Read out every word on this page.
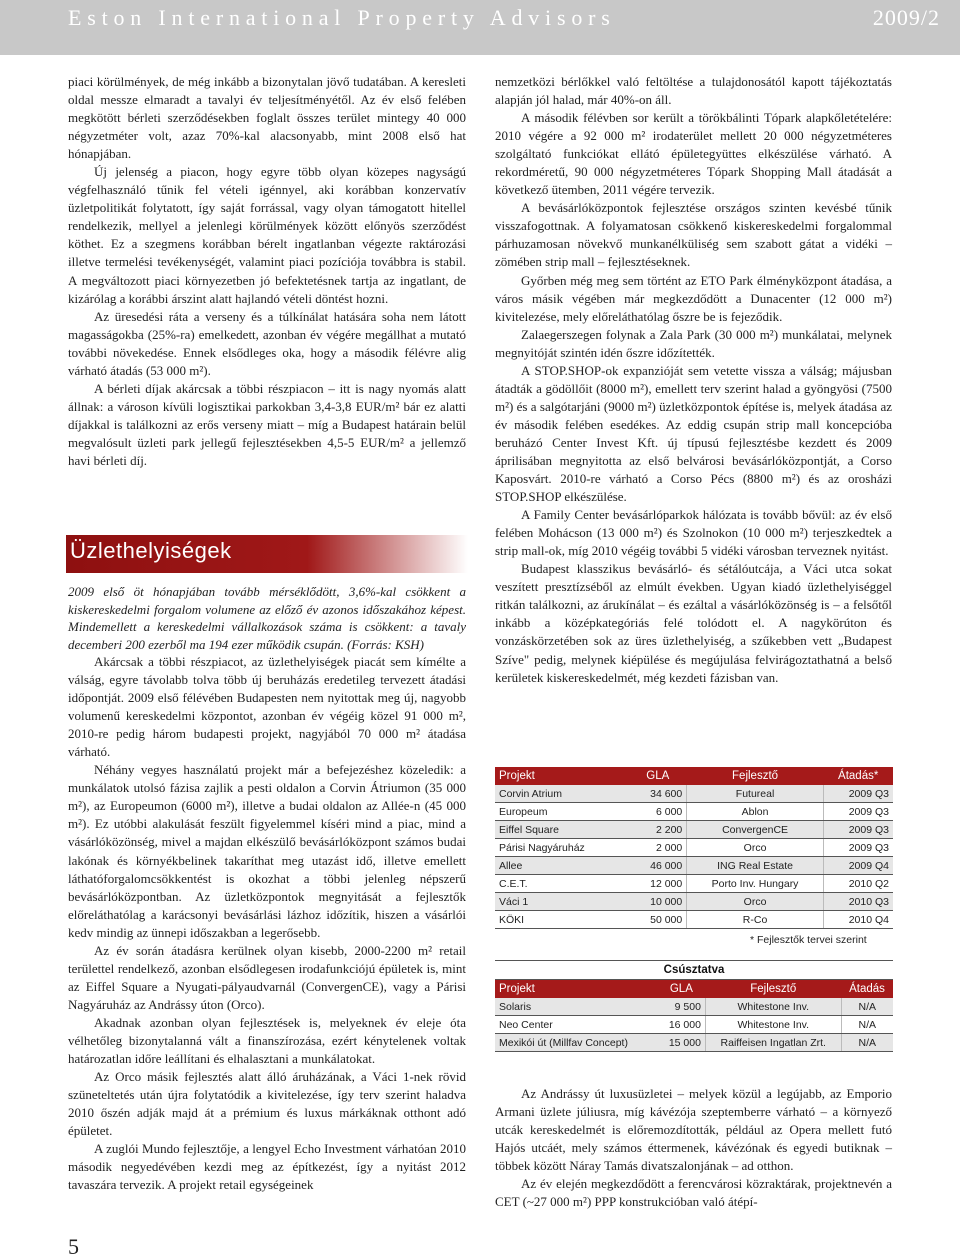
Eston International Property Advisors	2009/2

piaci körülmények, de még inkább a bizonytalan jövő tudatában. A keresleti oldal messze elmaradt a tavalyi év teljesítményétől. Az év első felében megkötött bérleti szerződésekben foglalt összes terület mintegy 40 000 négyzetméter volt, azaz 70%-kal alacsonyabb, mint 2008 első hat hónapjában.

Új jelenség a piacon, hogy egyre több olyan közepes nagyságú végfelhasználó tűnik fel vételi igénnyel, aki korábban konzervatív üzletpolitikát folytatott, így saját forrással, vagy olyan támogatott hitellel rendelkezik, mellyel a jelenlegi körülmények között előnyös szerződést köthet. Ez a szegmens korábban bérelt ingatlanban végezte raktározási illetve termelési tevékenységét, valamint piaci pozíciója továbbra is stabil. A megváltozott piaci környezetben jó befektetésnek tartja az ingatlant, de kizárólag a korábbi árszint alatt hajlandó vételi döntést hozni.

Az üresedési ráta a verseny és a túlkínálat hatására soha nem látott magasságokba (25%-ra) emelkedett, azonban év végére megállhat a mutató további növekedése. Ennek elsődleges oka, hogy a második félévre alig várható átadás (53 000 m²).

A bérleti díjak akárcsak a többi részpiacon – itt is nagy nyomás alatt állnak: a városon kívüli logisztikai parkokban 3,4-3,8 EUR/m² bár ez alatti díjakkal is találkozni az erős verseny miatt – míg a Budapest határain belül megvalósult üzleti park jellegű fejlesztésekben 4,5-5 EUR/m² a jellemző havi bérleti díj.

Üzlethelyiségek

2009 első öt hónapjában tovább mérséklődött, 3,6%-kal csökkent a kiskereskedelmi forgalom volumene az előző év azonos időszakához képest. Mindemellett a kereskedelmi vállalkozások száma is csökkent: a tavaly decemberi 200 ezerből ma 194 ezer működik csupán. (Forrás: KSH)

Akárcsak a többi részpiacot, az üzlethelyiségek piacát sem kímélte a válság, egyre távolabb tolva több új beruházás eredetileg tervezett átadási időpontját. 2009 első félévében Budapesten nem nyitottak meg új, nagyobb volumenű kereskedelmi központot, azonban év végéig közel 91 000 m², 2010-re pedig három budapesti projekt, nagyjából 70 000 m² átadása várható.

Néhány vegyes használatú projekt már a befejezéshez közeledik: a munkálatok utolsó fázisa zajlik a pesti oldalon a Corvin Átriumon (35 000 m²), az Europeumon (6000 m²), illetve a budai oldalon az Allée-n (45 000 m²). Ez utóbbi alakulását feszült figyelemmel kíséri mind a piac, mind a vásárlóközönség, mivel a majdan elkészülő bevásárlóközpont számos budai lakónak és környékbelinek takaríthat meg utazást idő, illetve emellett láthatóforgalomcsökkentést is okozhat a többi jelenleg népszerű bevásárlóközpontban. Az üzletközpontok megnyitását a fejlesztők előreláthatólag a karácsonyi bevásárlási lázhoz időzítik, hiszen a vásárlói kedv mindig az ünnepi időszakban a legerősebb.

Az év során átadásra kerülnek olyan kisebb, 2000-2200 m² retail területtel rendelkező, azonban elsődlegesen irodafunkciójú épületek is, mint az Eiffel Square a Nyugati-pályaudvarnál (ConvergenCE), vagy a Párisi Nagyáruház az Andrássy úton (Orco).

Akadnak azonban olyan fejlesztések is, melyeknek év eleje óta vélhetőleg bizonytalanná vált a finanszírozása, ezért kénytelenek voltak határozatlan időre leállítani és elhalasztani a munkálatokat.

Az Orco másik fejlesztés alatt álló áruházának, a Váci 1-nek rövid szüneteltetés után újra folytatódik a kivitelezése, így terv szerint haladva 2010 őszén adják majd át a prémium és luxus márkáknak otthont adó épületet.

A zuglói Mundo fejlesztője, a lengyel Echo Investment várhatóan 2010 második negyedévében kezdi meg az építkezést, így a nyitást 2012 tavaszára tervezik. A projekt retail egységeinek

nemzetközi bérlőkkel való feltöltése a tulajdonosától kapott tájékoztatás alapján jól halad, már 40%-on áll.

A második félévben sor került a törökbálinti Tópark alapkőletételére: 2010 végére a 92 000 m² irodaterület mellett 20 000 négyzetméteres szolgáltató funkciókat ellátó épületegyüttes elkészülése várható. A rekordméretű, 90 000 négyzetméteres Tópark Shopping Mall átadását a következő ütemben, 2011 végére tervezik.

A bevásárlóközpontok fejlesztése országos szinten kevésbé tűnik visszafogottnak. A folyamatosan csökkenő kiskereskedelmi forgalommal párhuzamosan növekvő munkanélküliség sem szabott gátat a vidéki – zömében strip mall – fejlesztéseknek.

Győrben még meg sem történt az ETO Park élményközpont átadása, a város másik végében már megkezdődött a Dunacenter (12 000 m²) kivitelezése, mely előreláthatólag őszre be is fejeződik.

Zalaegerszegen folynak a Zala Park (30 000 m²) munkálatai, melynek megnyitóját szintén idén őszre időzítették.

A STOP.SHOP-ok expanzióját sem vetette vissza a válság; májusban átadták a gödöllőit (8000 m²), emellett terv szerint halad a gyöngyösi (7500 m²) és a salgótarjáni (9000 m²) üzletközpontok építése is, melyek átadása az év második felében esedékes. Az eddig csupán strip mall koncepcióba beruházó Center Invest Kft. új típusú fejlesztésbe kezdett és 2009 áprilisában megnyitotta az első belvárosi bevásárlóközpontját, a Corso Kaposvárt. 2010-re várható a Corso Pécs (8800 m²) és az orosházi STOP.SHOP elkészülése.

A Family Center bevásárlóparkok hálózata is tovább bővül: az év első felében Mohácson (13 000 m²) és Szolnokon (10 000 m²) terjeszkedtek a strip mall-ok, míg 2010 végéig további 5 vidéki városban terveznek nyitást.

Budapest klasszikus bevásárló- és sétálóutcája, a Váci utca sokat veszített presztízséből az elmúlt években. Ugyan kiadó üzlethelyiséggel ritkán találkozni, az árukínálat – és ezáltal a vásárlóközönség is – a felsőtől inkább a középkategóriás felé tolódott el. A nagykörúton és vonzáskörzetében sok az üres üzlethelyiség, a szűkebben vett „Budapest Szíve" pedig, melynek kiépülése és megújulása felvirágoztathatná a belső kerületek kiskereskedelmét, még kezdeti fázisban van.

Projekt	GLA	Fejlesztő	Átadás*
Corvin Atrium	34 600	Futureal	2009 Q3
Europeum	6 000	Ablon	2009 Q3
Eiffel Square	2 200	ConvergenCE	2009 Q3
Párisi Nagyáruház	2 000	Orco	2009 Q3
Allee	46 000	ING Real Estate	2009 Q4
C.E.T.	12 000	Porto Inv. Hungary	2010 Q2
Váci 1	10 000	Orco	2010 Q3
KÖKI	50 000	R-Co	2010 Q4
* Fejlesztők tervei szerint
Csúsztatva			
Projekt	GLA	Fejlesztő	Átadás
Solaris	9 500	Whitestone Inv.	N/A
Neo Center	16 000	Whitestone Inv.	N/A
Mexikói út (Millfav Concept)	15 000	Raiffeisen Ingatlan Zrt.	N/A

Az Andrássy út luxusüzletei – melyek közül a legújabb, az Emporio Armani üzlete júliusra, míg kávézója szeptemberre várható – a környező utcák kereskedelmét is előremozdították, például az Opera mellett futó Hajós utcáét, mely számos éttermenek, kávézónak és egyedi butiknak – többek között Náray Tamás divatszalonjának – ad otthon.

Az év elején megkezdődött a ferencvárosi közraktárak, projektnevén a CET (~27 000 m²) PPP konstrukcióban való átépí-

5
